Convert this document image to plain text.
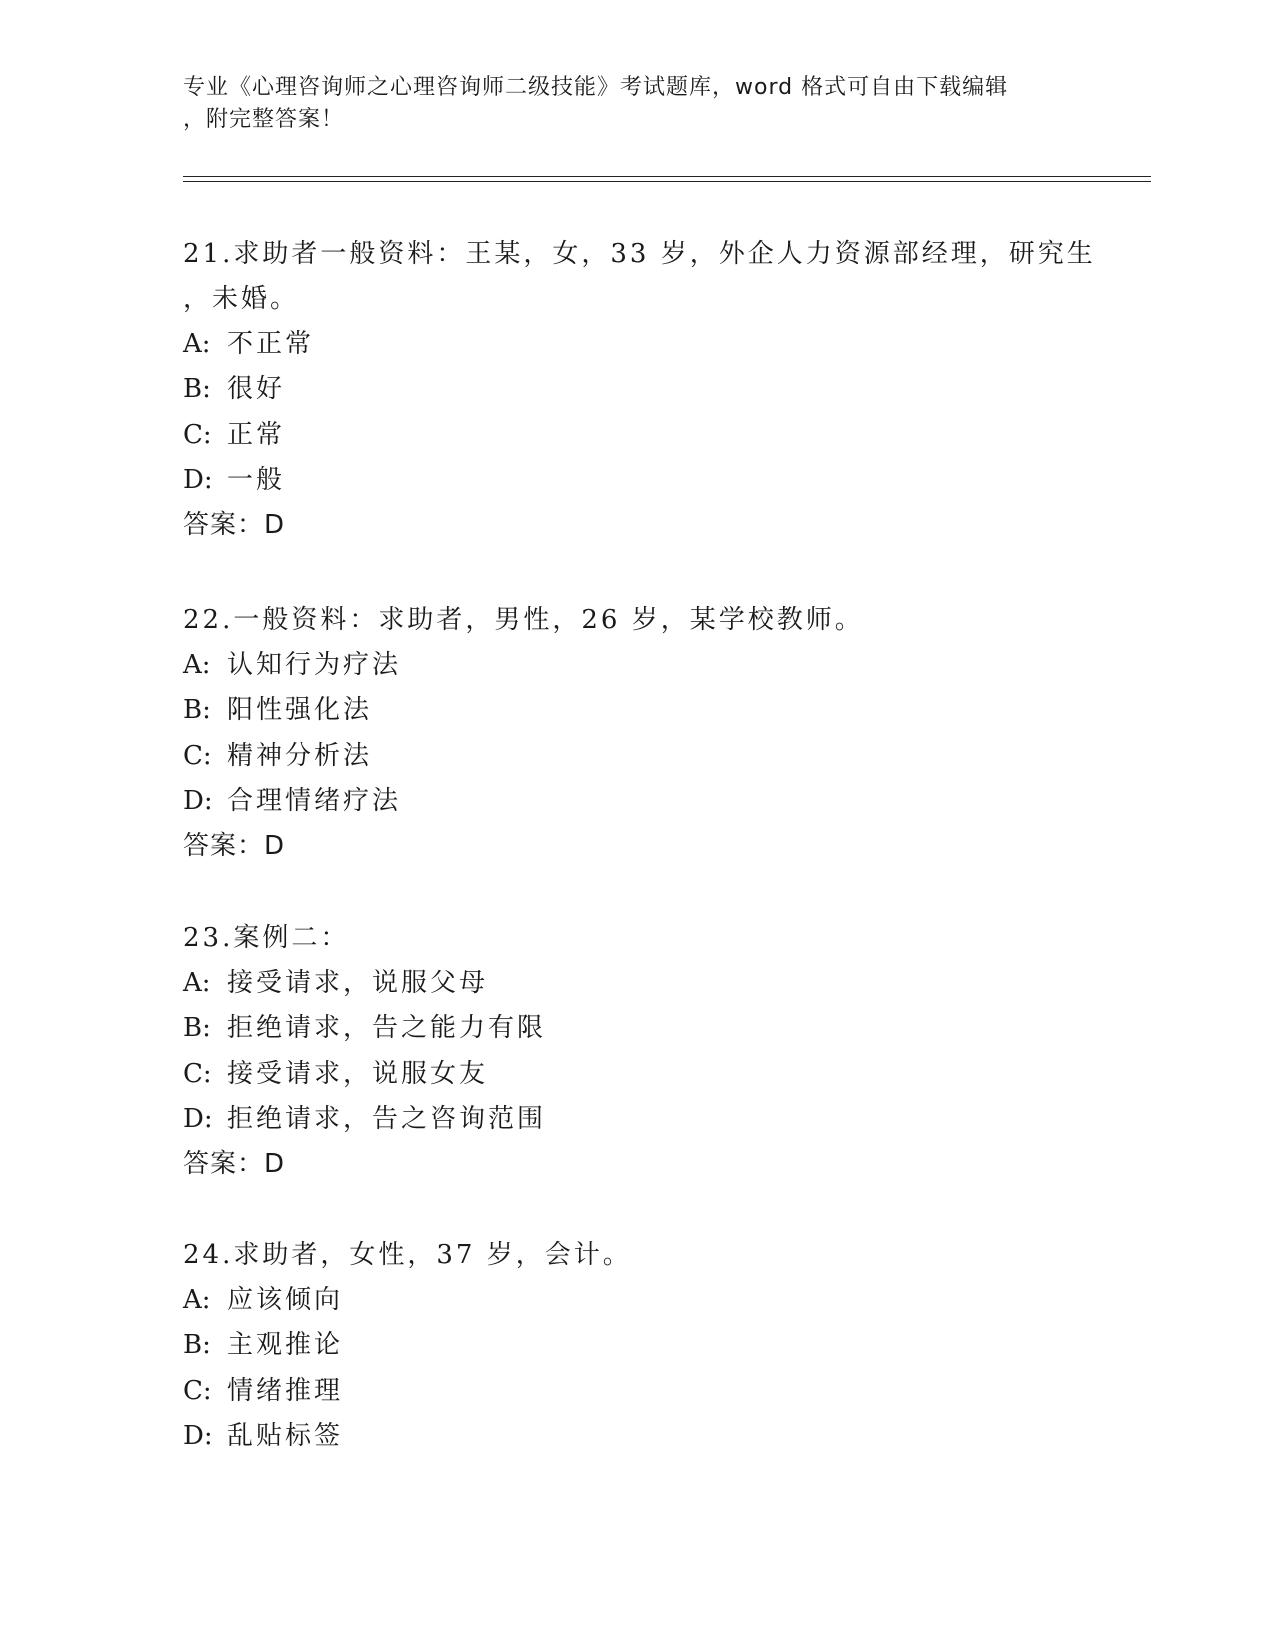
专业《心理咨询师之心理咨询师二级技能》考试题库，word 格式可自由下载编辑
，附完整答案！
21.求助者一般资料：王某，女，33 岁，外企人力资源部经理，研究生
，未婚。
A: 不正常
B: 很好
C: 正常
D: 一般
答案：D
22.一般资料：求助者，男性，26 岁，某学校教师。
A: 认知行为疗法
B: 阳性强化法
C: 精神分析法
D: 合理情绪疗法
答案：D
23.案例二：
A: 接受请求，说服父母
B: 拒绝请求，告之能力有限
C: 接受请求，说服女友
D: 拒绝请求，告之咨询范围
答案：D
24.求助者，女性，37 岁，会计。
A: 应该倾向
B: 主观推论
C: 情绪推理
D: 乱贴标签
